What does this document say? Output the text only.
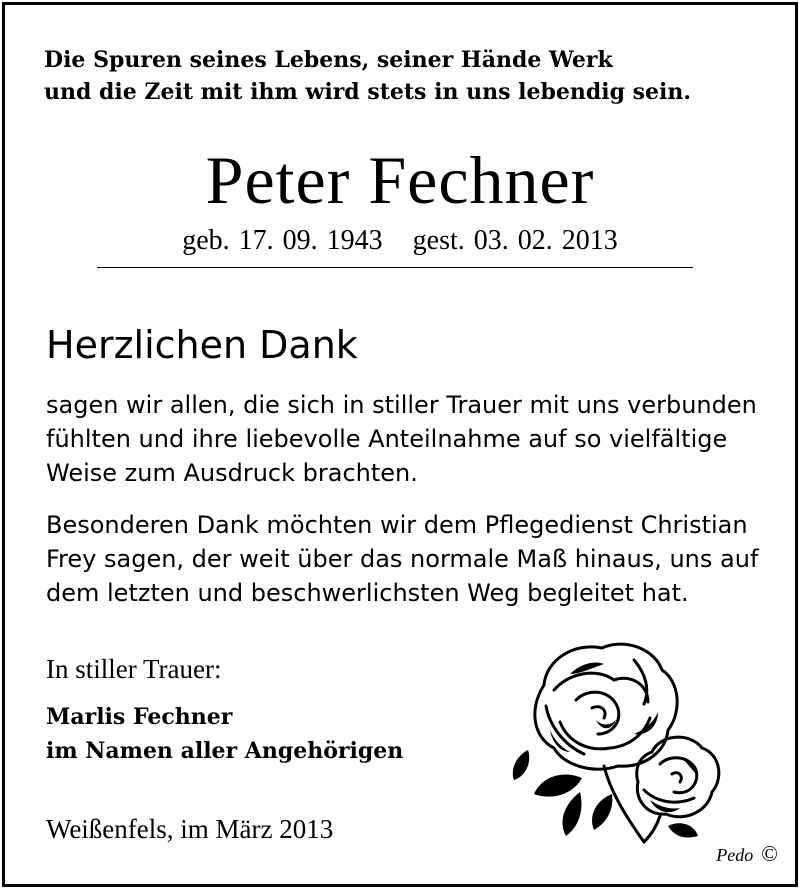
Die Spuren seines Lebens, seiner Hände Werk
und die Zeit mit ihm wird stets in uns lebendig sein.
Peter Fechner
geb. 17. 09. 1943 gest. 03. 02. 2013
Herzlichen Dank
sagen wir allen, die sich in stiller Trauer mit uns verbunden
fühlten und ihre liebevolle Anteilnahme auf so vielfältige
Weise zum Ausdruck brachten.
Besonderen Dank möchten wir dem Pflegedienst Christian
Frey sagen, der weit über das normale Maß hinaus, uns auf
dem letzten und beschwerlichsten Weg begleitet hat.
In stiller Trauer:
Marlis Fechner
im Namen aller Angehörigen
Weißenfels, im März 2013
Pedo ©
